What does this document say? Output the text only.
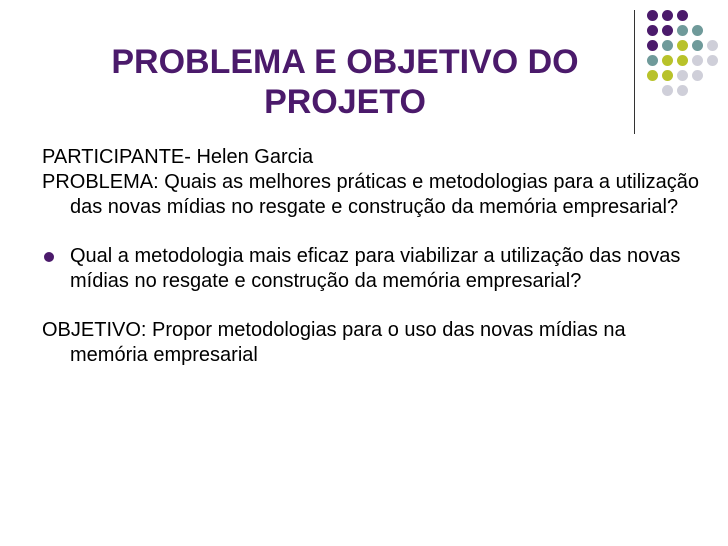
PROBLEMA E OBJETIVO DO PROJETO

PARTICIPANTE- Helen Garcia

PROBLEMA: Quais as melhores práticas e metodologias para a utilização das novas mídias no resgate e construção da memória empresarial?

Qual a metodologia mais eficaz para viabilizar a utilização das novas mídias no resgate e construção da memória empresarial?

OBJETIVO: Propor metodologias para o uso das novas mídias na memória empresarial
